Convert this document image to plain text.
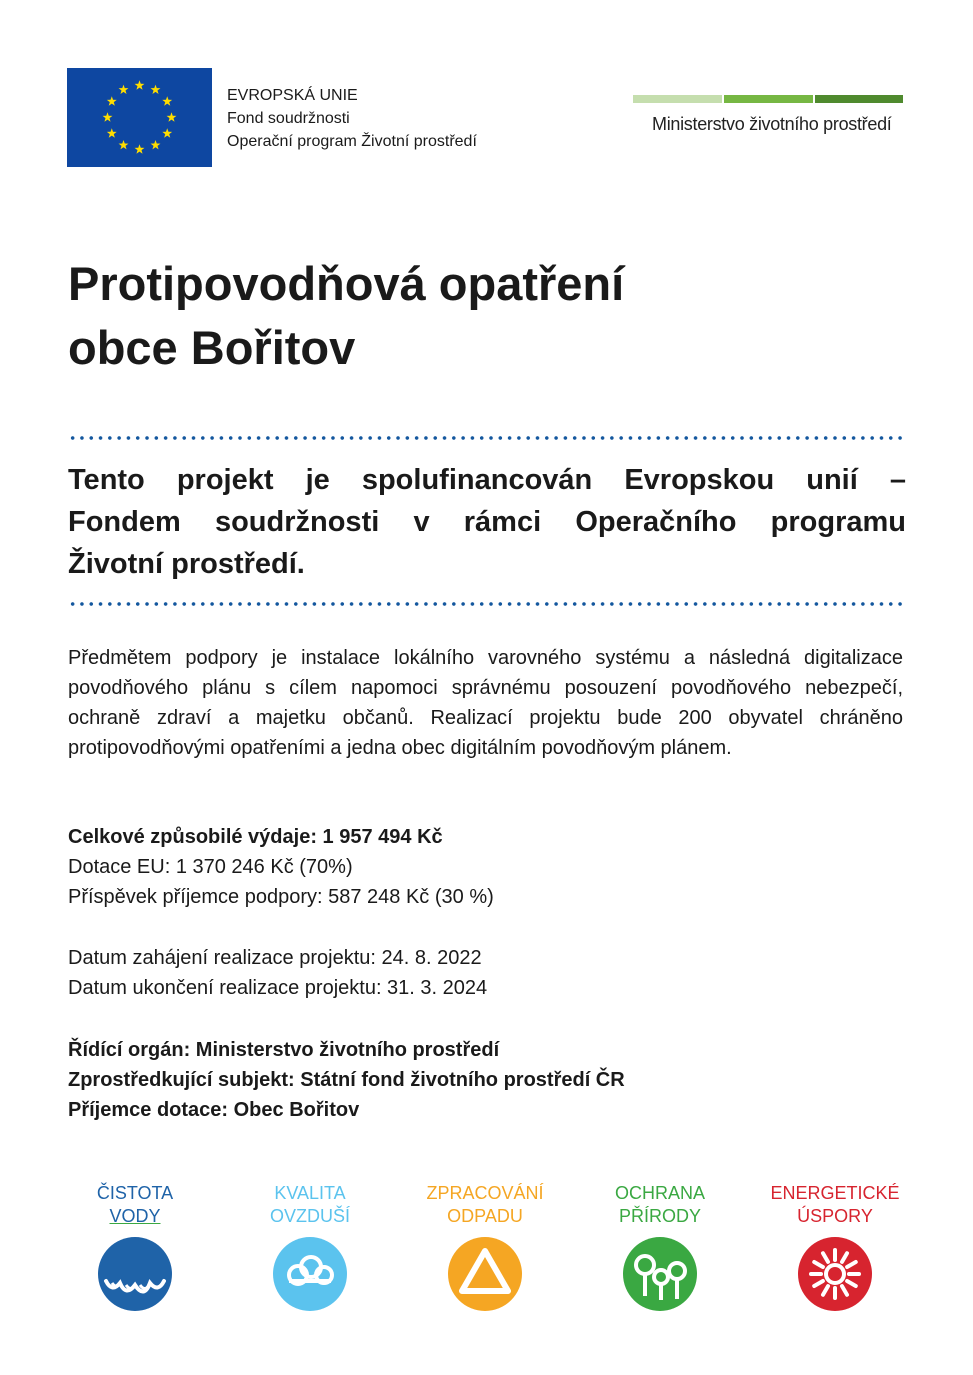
EVROPSKÁ UNIE
Fond soudržnosti
Operační program Životní prostředí
Ministerstvo životního prostředí
Protipovodňová opatření
obce Bořitov
Tento projekt je spolufinancován Evropskou unií –
Fondem soudržnosti v rámci Operačního programu
Životní prostředí.
Předmětem podpory je instalace lokálního varovného systému a následná digitalizace povodňového plánu s cílem napomoci správnému posouzení povodňového nebezpečí, ochraně zdraví a majetku občanů. Realizací projektu bude 200 obyvatel chráněno protipovodňovými opatřeními a jedna obec digitálním povodňovým plánem.
Celkové způsobilé výdaje: 1 957 494 Kč
Dotace EU: 1 370 246 Kč (70%)
Příspěvek příjemce podpory: 587 248 Kč (30 %)
Datum zahájení realizace projektu: 24. 8. 2022
Datum ukončení realizace projektu: 31. 3. 2024
Řídící orgán: Ministerstvo životního prostředí
Zprostředkující subjekt: Státní fond životního prostředí ČR
Příjemce dotace: Obec Bořitov
ČISTOTA
VODY
KVALITA
OVZDUŠÍ
ZPRACOVÁNÍ
ODPADU
OCHRANA
PŘÍRODY
ENERGETICKÉ
ÚSPORY
